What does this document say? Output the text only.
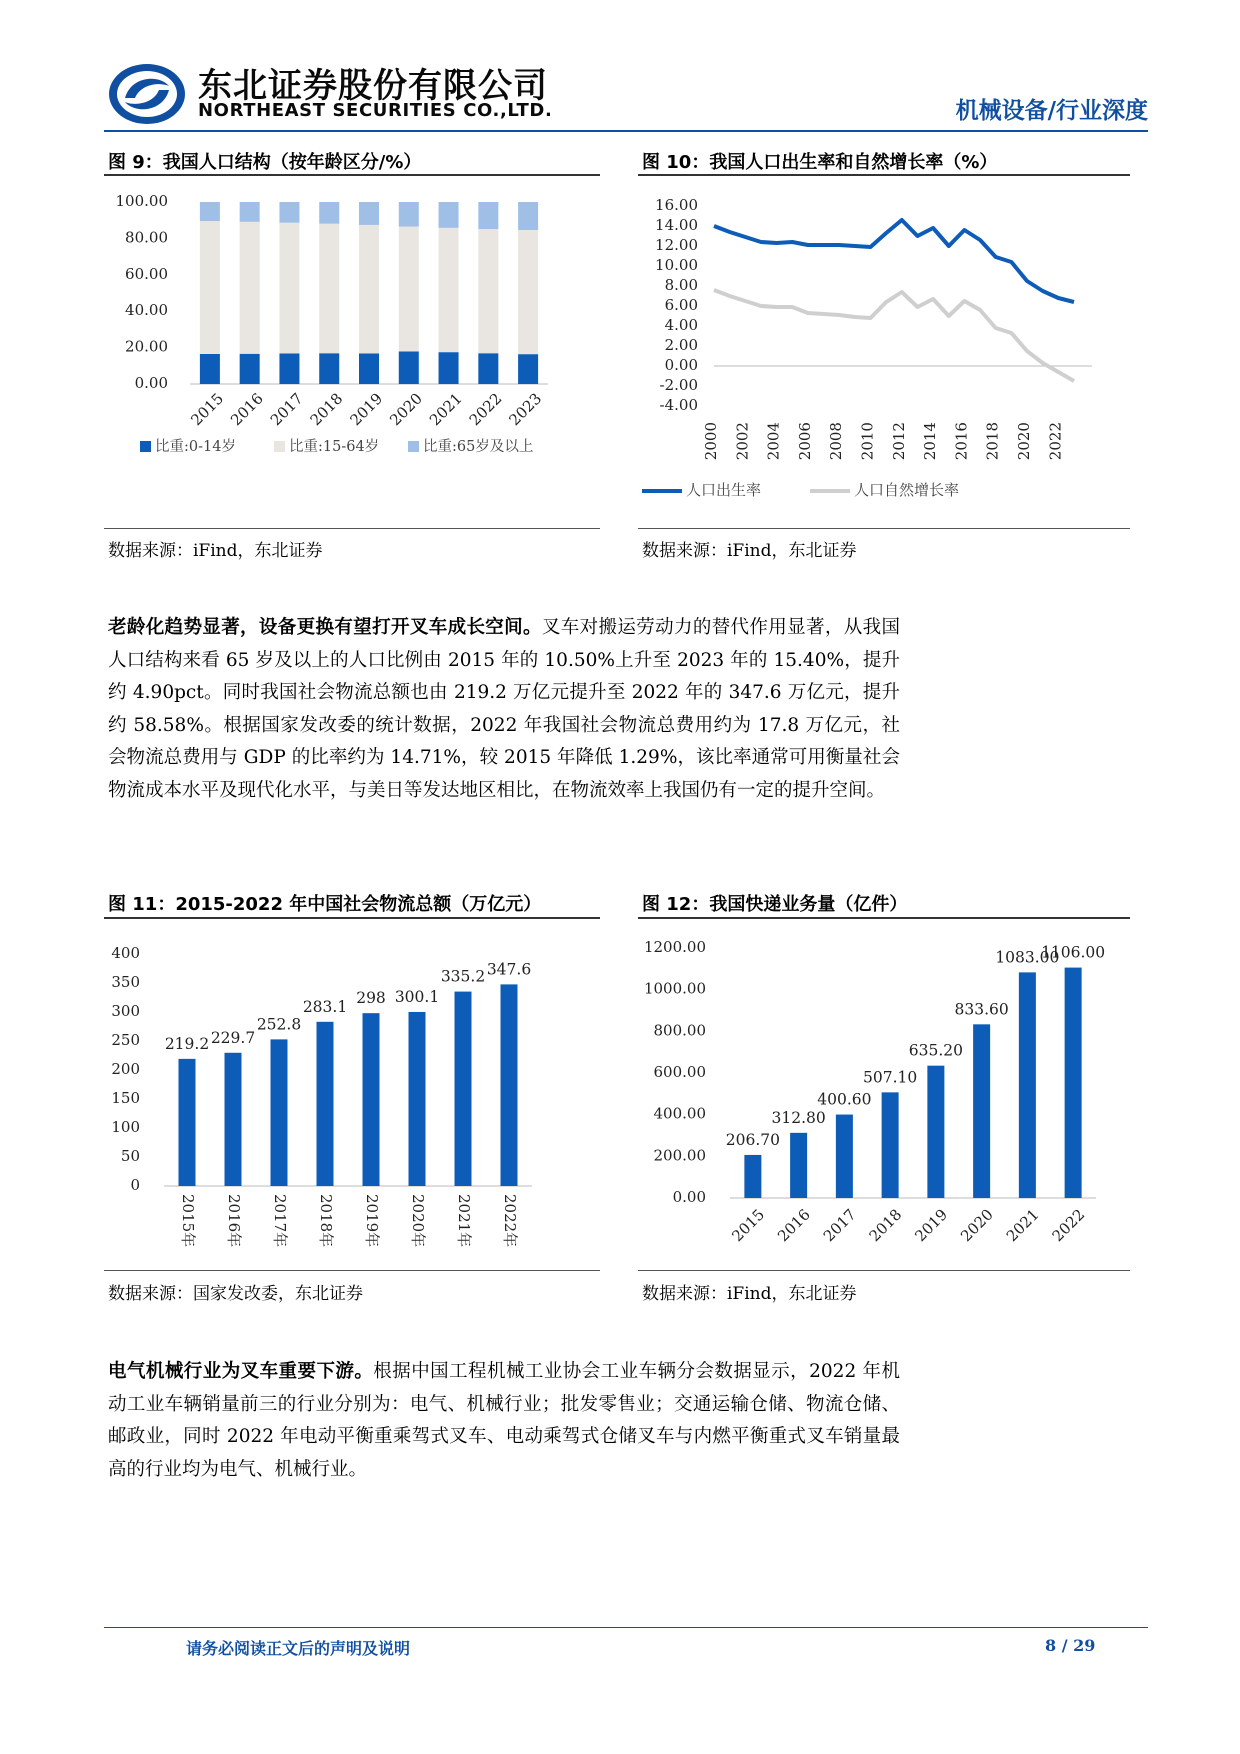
东北证券股份有限公司
NORTHEAST SECURITIES CO.,LTD.	机械设备/行业深度
图 9：我国人口结构（按年龄区分/%）
0.00
20.00
40.00
60.00
80.00
100.00
2015 2016 2017 2018 2019 2020 2021 2022 2023
比重:0-14岁	比重:15-64岁	比重:65岁及以上
数据来源：iFind，东北证券
图 10：我国人口出生率和自然增长率（%）
-4.00
-2.00
0.00
2.00
4.00
6.00
8.00
10.00
12.00
14.00
16.00
2000 2002 2004 2006 2008 2010 2012 2014 2016 2018 2020 2022
人口出生率	人口自然增长率
数据来源：iFind，东北证券
老龄化趋势显著，设备更换有望打开叉车成长空间。叉车对搬运劳动力的替代作用显著，从我国人口结构来看 65 岁及以上的人口比例由 2015 年的 10.50%上升至 2023 年的 15.40%，提升约 4.90pct。同时我国社会物流总额也由 219.2 万亿元提升至 2022 年的 347.6 万亿元，提升约 58.58%。根据国家发改委的统计数据，2022 年我国社会物流总费用约为 17.8 万亿元，社会物流总费用与 GDP 的比率约为 14.71%，较 2015 年降低 1.29%，该比率通常可用衡量社会物流成本水平及现代化水平，与美日等发达地区相比，在物流效率上我国仍有一定的提升空间。
图 11：2015-2022 年中国社会物流总额（万亿元）
0
50
100
150
200
250
300
350
400
219.2
2015年
229.7
2016年
252.8
2017年
283.1
2018年
298
2019年
300.1
2020年
335.2
2021年
347.6
2022年
数据来源：国家发改委，东北证券
图 12：我国快递业务量（亿件）
0.00
200.00
400.00
600.00
800.00
1000.00
1200.00
206.70
2015
312.80
2016
400.60
2017
507.10
2018
635.20
2019
833.60
2020
1083.00
2021
1106.00
2022
数据来源：iFind，东北证券
电气机械行业为叉车重要下游。根据中国工程机械工业协会工业车辆分会数据显示，2022 年机动工业车辆销量前三的行业分别为：电气、机械行业；批发零售业；交通运输仓储、物流仓储、邮政业，同时 2022 年电动平衡重乘驾式叉车、电动乘驾式仓储叉车与内燃平衡重式叉车销量最高的行业均为电气、机械行业。
请务必阅读正文后的声明及说明	8 / 29
